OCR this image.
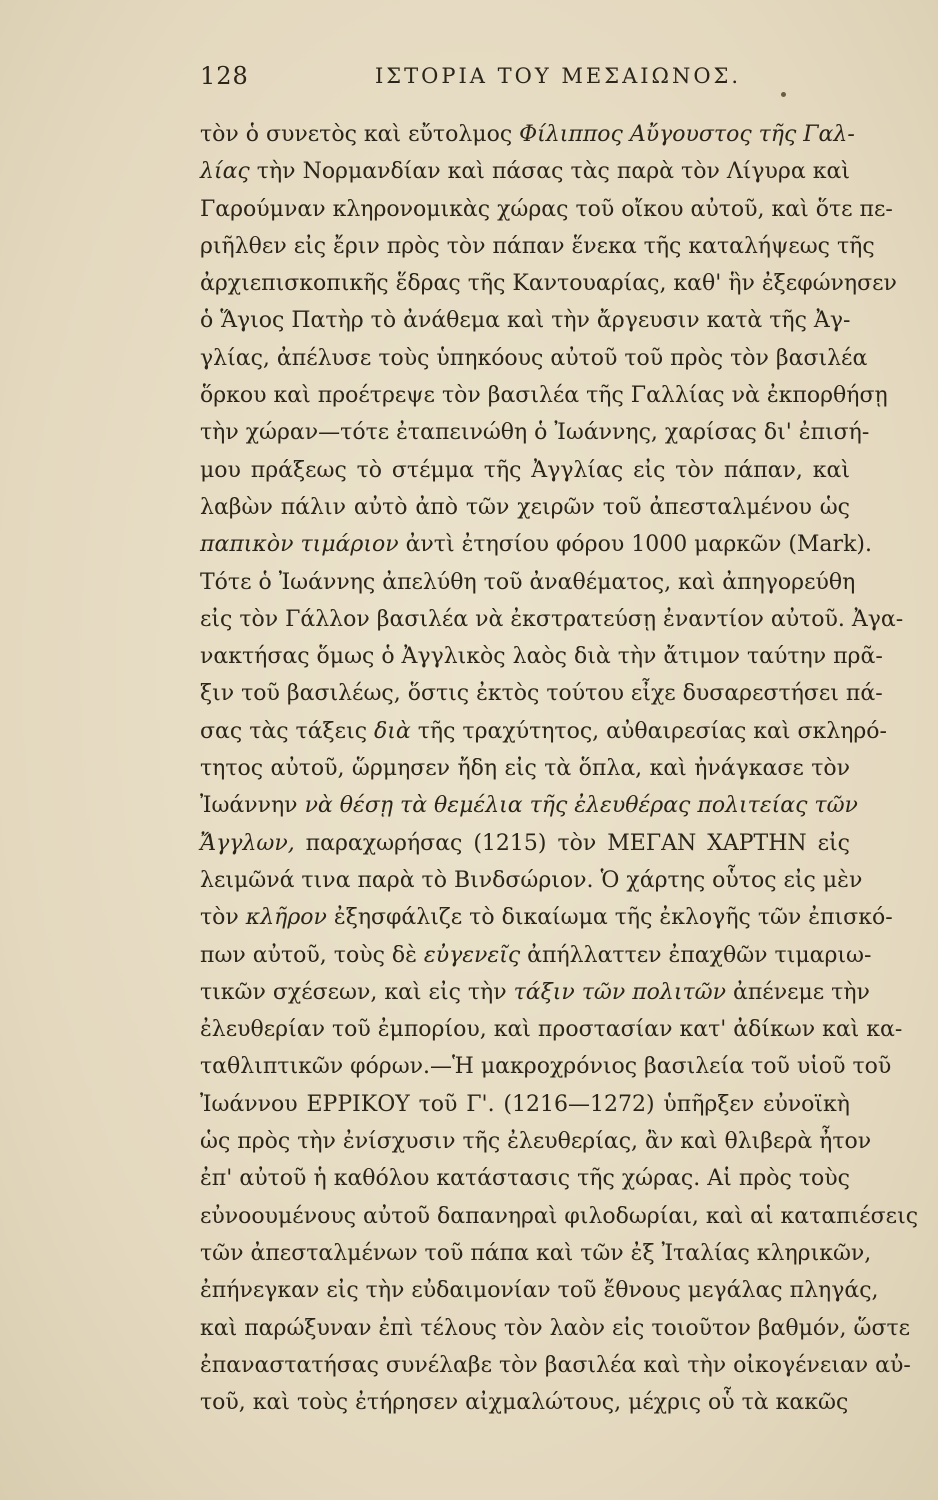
128	ΙΣΤΟΡΙΑ ΤΟΥ ΜΕΣΑΙΩΝΟΣ.
τὸν ὁ συνετὸς καὶ εὔτολμος Φίλιππος Αὔγουστος τῆς Γαλ-
λίας τὴν Νορμανδίαν καὶ πάσας τὰς παρὰ τὸν Λίγυρα καὶ
Γαρούμναν κληρονομικὰς χώρας τοῦ οἴκου αὐτοῦ, καὶ ὅτε πε-
ριῆλθεν εἰς ἔριν πρὸς τὸν πάπαν ἕνεκα τῆς καταλήψεως τῆς
ἀρχιεπισκοπικῆς ἕδρας τῆς Καντουαρίας, καθ' ἣν ἐξεφώνησεν
ὁ Ἅγιος Πατὴρ τὸ ἀνάθεμα καὶ τὴν ἄργευσιν κατὰ τῆς Ἀγ-
γλίας, ἀπέλυσε τοὺς ὑπηκόους αὐτοῦ τοῦ πρὸς τὸν βασιλέα
ὅρκου καὶ προέτρεψε τὸν βασιλέα τῆς Γαλλίας νὰ ἐκπορθήσῃ
τὴν χώραν—τότε ἐταπεινώθη ὁ Ἰωάννης, χαρίσας δι' ἐπισή-
μου πράξεως τὸ στέμμα τῆς Ἀγγλίας εἰς τὸν πάπαν, καὶ
λαβὼν πάλιν αὐτὸ ἀπὸ τῶν χειρῶν τοῦ ἀπεσταλμένου ὡς
παπικὸν τιμάριον ἀντὶ ἐτησίου φόρου 1000 μαρκῶν (Mark).
Τότε ὁ Ἰωάννης ἀπελύθη τοῦ ἀναθέματος, καὶ ἀπηγορεύθη
εἰς τὸν Γάλλον βασιλέα νὰ ἐκστρατεύσῃ ἐναντίον αὐτοῦ. Ἀγα-
νακτήσας ὅμως ὁ Ἀγγλικὸς λαὸς διὰ τὴν ἄτιμον ταύτην πρᾶ-
ξιν τοῦ βασιλέως, ὅστις ἐκτὸς τούτου εἶχε δυσαρεστήσει πά-
σας τὰς τάξεις διὰ τῆς τραχύτητος, αὐθαιρεσίας καὶ σκληρό-
τητος αὐτοῦ, ὥρμησεν ἤδη εἰς τὰ ὅπλα, καὶ ἠνάγκασε τὸν
Ἰωάννην νὰ θέσῃ τὰ θεμέλια τῆς ἐλευθέρας πολιτείας τῶν
Ἄγγλων, παραχωρήσας (1215) τὸν ΜΕΓΑΝ ΧΑΡΤΗΝ εἰς
λειμῶνά τινα παρὰ τὸ Βινδσώριον. Ὁ χάρτης οὗτος εἰς μὲν
τὸν κλῆρον ἐξησφάλιζε τὸ δικαίωμα τῆς ἐκλογῆς τῶν ἐπισκό-
πων αὐτοῦ, τοὺς δὲ εὐγενεῖς ἀπήλλαττεν ἐπαχθῶν τιμαριω-
τικῶν σχέσεων, καὶ εἰς τὴν τάξιν τῶν πολιτῶν ἀπένεμε τὴν
ἐλευθερίαν τοῦ ἐμπορίου, καὶ προστασίαν κατ' ἀδίκων καὶ κα-
ταθλιπτικῶν φόρων.—Ἡ μακροχρόνιος βασιλεία τοῦ υἱοῦ τοῦ
Ἰωάννου ΕΡΡΙΚΟΥ τοῦ Γ'. (1216—1272) ὑπῆρξεν εὐνοϊκὴ
ὡς πρὸς τὴν ἐνίσχυσιν τῆς ἐλευθερίας, ἂν καὶ θλιβερὰ ἦτον
ἐπ' αὐτοῦ ἡ καθόλου κατάστασις τῆς χώρας. Αἱ πρὸς τοὺς
εὐνοουμένους αὐτοῦ δαπανηραὶ φιλοδωρίαι, καὶ αἱ καταπιέσεις
τῶν ἀπεσταλμένων τοῦ πάπα καὶ τῶν ἐξ Ἰταλίας κληρικῶν,
ἐπήνεγκαν εἰς τὴν εὐδαιμονίαν τοῦ ἔθνους μεγάλας πληγάς,
καὶ παρώξυναν ἐπὶ τέλους τὸν λαὸν εἰς τοιοῦτον βαθμόν, ὥστε
ἐπαναστατήσας συνέλαβε τὸν βασιλέα καὶ τὴν οἰκογένειαν αὐ-
τοῦ, καὶ τοὺς ἐτήρησεν αἰχμαλώτους, μέχρις οὗ τὰ κακῶς
